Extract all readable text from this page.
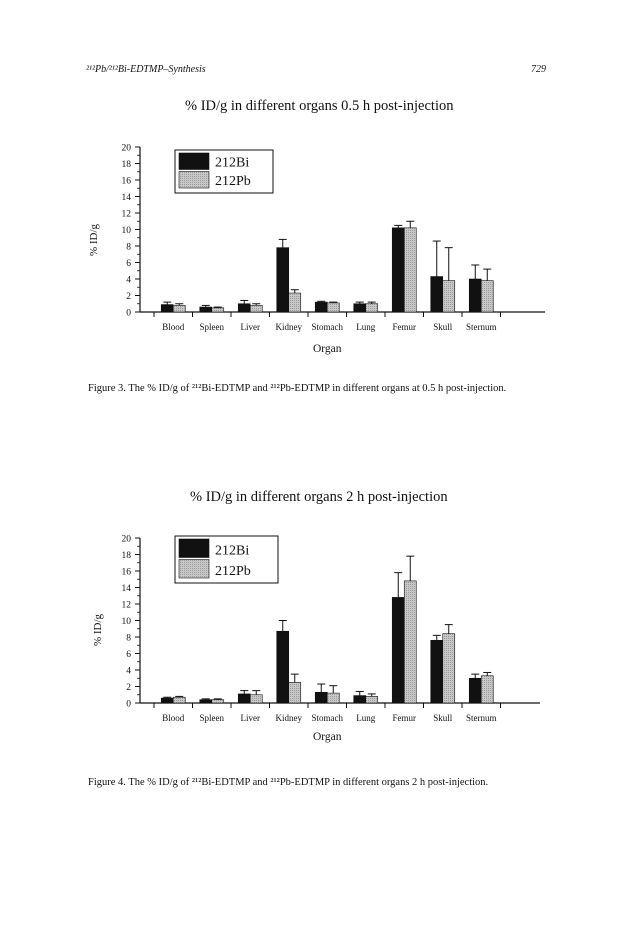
²¹²Pb/²¹²Bi-EDTMP–Synthesis	729
% ID/g in different organs 0.5 h post-injection
0
2
4
6
8
10
12
14
16
18
20
Blood Spleen Liver Kidney Stomach Lung Femur Skull Sternum
212Bi
212Pb
% ID/g
Organ
Figure 3. The % ID/g of ²¹²Bi-EDTMP and ²¹²Pb-EDTMP in different organs at 0.5 h post-injection.
% ID/g in different organs 2 h post-injection
0
2
4
6
8
10
12
14
16
18
20
Blood Spleen Liver Kidney Stomach Lung Femur Skull Sternum
212Bi
212Pb
% ID/g
Organ
Figure 4. The % ID/g of ²¹²Bi-EDTMP and ²¹²Pb-EDTMP in different organs 2 h post-injection.
